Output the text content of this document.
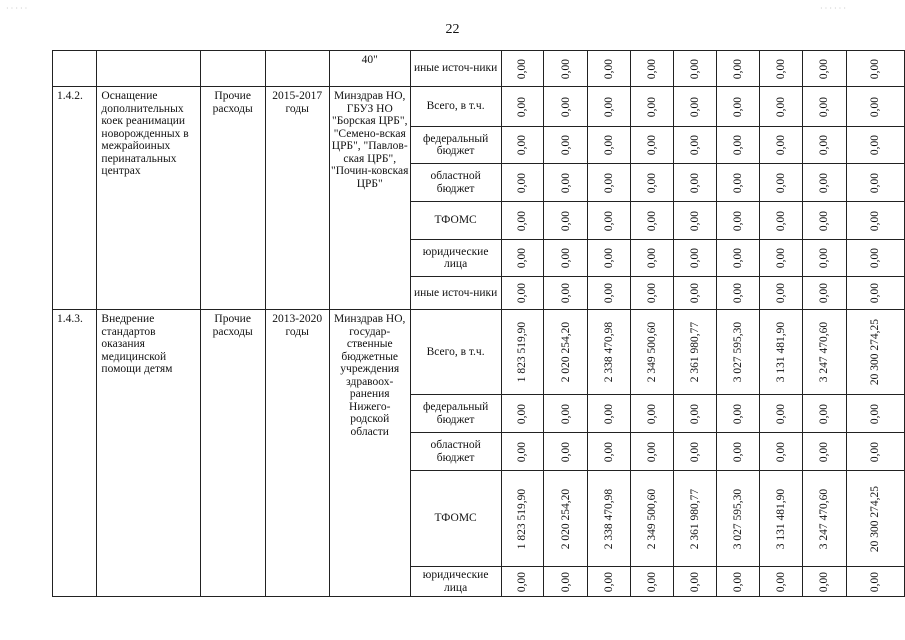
22
				40"	иные источ-ники	0,00	0,00	0,00	0,00	0,00	0,00	0,00	0,00	0,00

1.4.2.	Оснащение дополнительных коек реанимации новорожденных в межрайоиных перинатальных центрах	Прочие расходы	2015-2017 годы	Минздрав НО, ГБУЗ НО "Борская ЦРБ", "Семено-вская ЦРБ", "Павлов-ская ЦРБ", "Почин-ковская ЦРБ"	Всего, в т.ч.	0,00	0,00	0,00	0,00	0,00	0,00	0,00	0,00	0,00

					федеральный бюджет	0,00	0,00	0,00	0,00	0,00	0,00	0,00	0,00	0,00

					областной бюджет	0,00	0,00	0,00	0,00	0,00	0,00	0,00	0,00	0,00

					ТФОМС	0,00	0,00	0,00	0,00	0,00	0,00	0,00	0,00	0,00

					юридические лица	0,00	0,00	0,00	0,00	0,00	0,00	0,00	0,00	0,00

					иные источ-ники	0,00	0,00	0,00	0,00	0,00	0,00	0,00	0,00	0,00

1.4.3.	Внедрение стандартов оказания медицинской помощи детям	Прочие расходы	2013-2020 годы	Минздрав НО, государ-ственные бюджетные учреждения здравоох-ранения Нижего-родской области	Всего, в т.ч.	1 823 519,90	2 020 254,20	2 338 470,98	2 349 500,60	2 361 980,77	3 027 595,30	3 131 481,90	3 247 470,60	20 300 274,25

					федеральный бюджет	0,00	0,00	0,00	0,00	0,00	0,00	0,00	0,00	0,00

					областной бюджет	0,00	0,00	0,00	0,00	0,00	0,00	0,00	0,00	0,00

					ТФОМС	1 823 519,90	2 020 254,20	2 338 470,98	2 349 500,60	2 361 980,77	3 027 595,30	3 131 481,90	3 247 470,60	20 300 274,25

					юридические лица	0,00	0,00	0,00	0,00	0,00	0,00	0,00	0,00	0,00
· · · · ·	· · · · · ·
